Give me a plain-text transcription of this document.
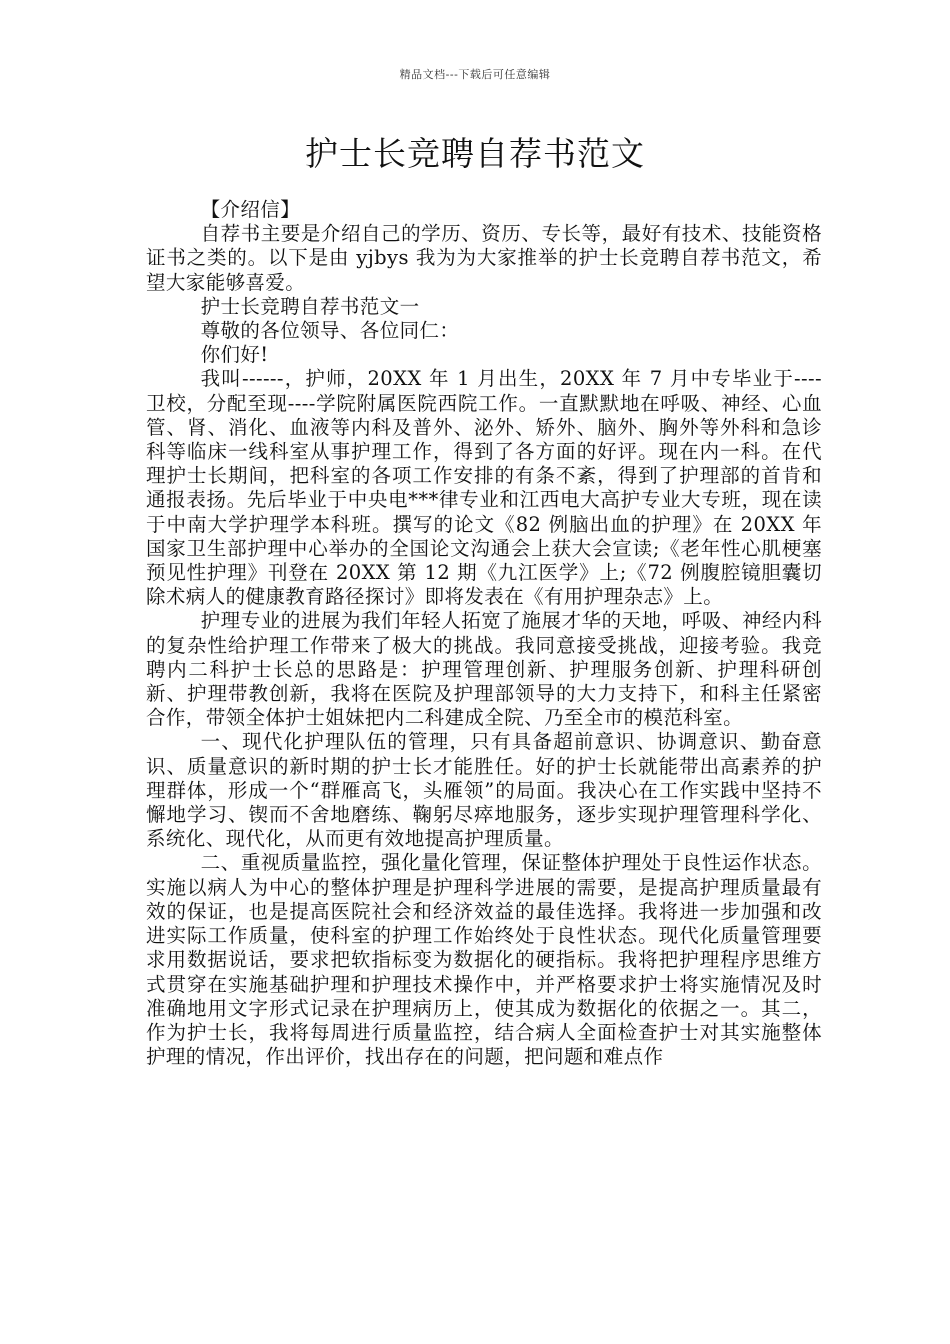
精品文档---下载后可任意编辑
护士长竞聘自荐书范文

【介绍信】

自荐书主要是介绍自己的学历、资历、专长等，最好有技术、技能资格证书之类的。以下是由 yjbys 我为为大家推举的护士长竞聘自荐书范文，希望大家能够喜爱。

护士长竞聘自荐书范文一

尊敬的各位领导、各位同仁：

你们好!

我叫------，护师，20XX 年 1 月出生，20XX 年 7 月中专毕业于----卫校，分配至现----学院附属医院西院工作。一直默默地在呼吸、神经、心血管、肾、消化、血液等内科及普外、泌外、矫外、脑外、胸外等外科和急诊科等临床一线科室从事护理工作，得到了各方面的好评。现在内一科。在代理护士长期间，把科室的各项工作安排的有条不紊，得到了护理部的首肯和通报表扬。先后毕业于中央电***律专业和江西电大高护专业大专班，现在读于中南大学护理学本科班。撰写的论文《82 例脑出血的护理》在 20XX 年国家卫生部护理中心举办的全国论文沟通会上获大会宣读;《老年性心肌梗塞预见性护理》刊登在 20XX 第 12 期《九江医学》上;《72 例腹腔镜胆囊切除术病人的健康教育路径探讨》即将发表在《有用护理杂志》上。

护理专业的进展为我们年轻人拓宽了施展才华的天地，呼吸、神经内科的复杂性给护理工作带来了极大的挑战。我同意接受挑战，迎接考验。我竞聘内二科护士长总的思路是：护理管理创新、护理服务创新、护理科研创新、护理带教创新，我将在医院及护理部领导的大力支持下，和科主任紧密合作，带领全体护士姐妹把内二科建成全院、乃至全市的模范科室。

一、现代化护理队伍的管理，只有具备超前意识、协调意识、勤奋意识、质量意识的新时期的护士长才能胜任。好的护士长就能带出高素养的护理群体，形成一个“群雁高飞，头雁领”的局面。我决心在工作实践中坚持不懈地学习、锲而不舍地磨练、鞠躬尽瘁地服务，逐步实现护理管理科学化、系统化、现代化，从而更有效地提高护理质量。

二、重视质量监控，强化量化管理，保证整体护理处于良性运作状态。实施以病人为中心的整体护理是护理科学进展的需要，是提高护理质量最有效的保证，也是提高医院社会和经济效益的最佳选择。我将进一步加强和改进实际工作质量，使科室的护理工作始终处于良性状态。现代化质量管理要求用数据说话，要求把软指标变为数据化的硬指标。我将把护理程序思维方式贯穿在实施基础护理和护理技术操作中，并严格要求护士将实施情况及时准确地用文字形式记录在护理病历上，使其成为数据化的依据之一。其二，作为护士长，我将每周进行质量监控，结合病人全面检查护士对其实施整体护理的情况，作出评价，找出存在的问题，把问题和难点作
